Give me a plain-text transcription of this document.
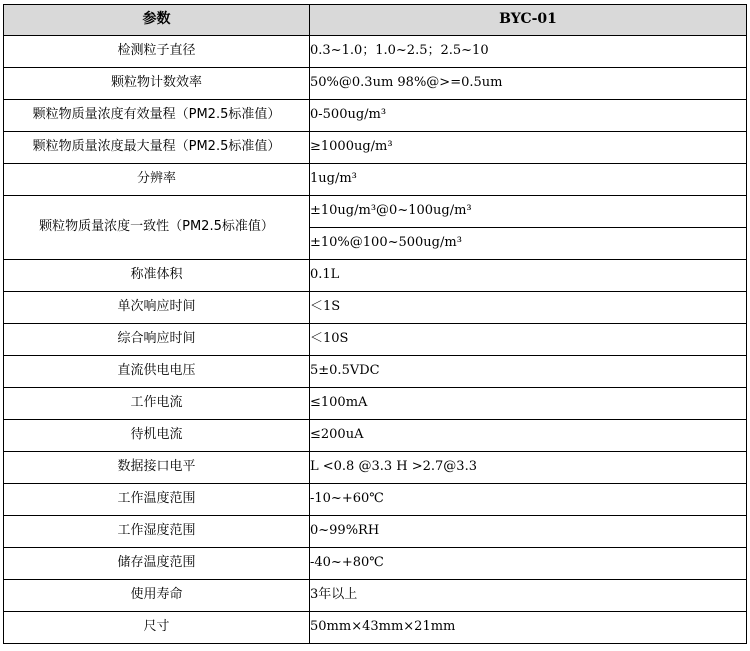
参数	BYC-01
检测粒子直径	0.3~1.0；1.0~2.5；2.5~10
颗粒物计数效率	50%@0.3um 98%@>=0.5um
颗粒物质量浓度有效量程（PM2.5标准值）	0-500ug/m³
颗粒物质量浓度最大量程（PM2.5标准值）	≥1000ug/m³
分辨率	1ug/m³
颗粒物质量浓度一致性（PM2.5标准值）	±10ug/m³@0~100ug/m³
	±10%@100~500ug/m³
称准体积	0.1L
单次响应时间	＜1S
综合响应时间	＜10S
直流供电电压	5±0.5VDC
工作电流	≤100mA
待机电流	≤200uA
数据接口电平	L <0.8 @3.3 H >2.7@3.3
工作温度范围	-10~+60℃
工作湿度范围	0~99%RH
储存温度范围	-40~+80℃
使用寿命	3年以上
尺寸	50mm×43mm×21mm
